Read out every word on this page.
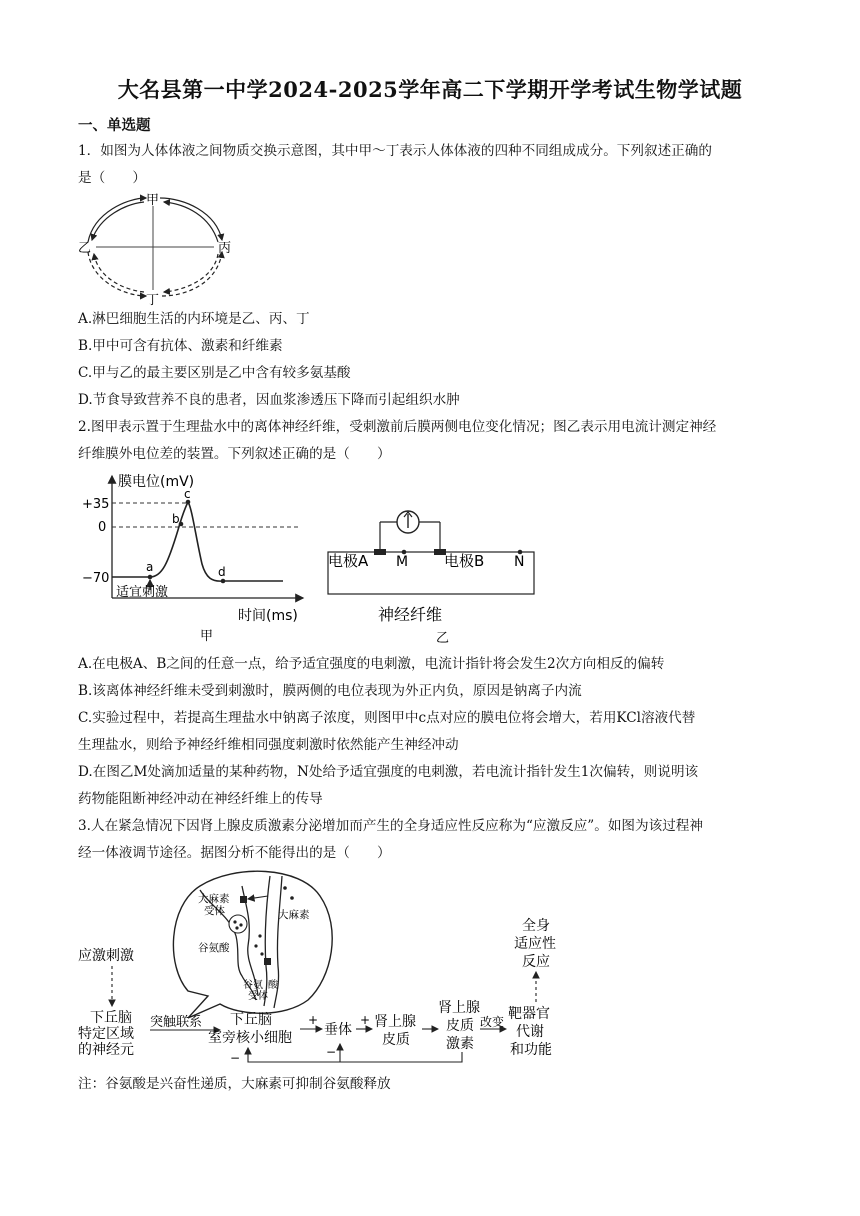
大名县第一中学2024-2025学年高二下学期开学考试生物学试题
一、单选题
1．如图为人体体液之间物质交换示意图，其中甲～丁表示人体体液的四种不同组成成分。下列叙述正确的
是（　　）
甲
乙	丙
丁
A.淋巴细胞生活的内环境是乙、丙、丁
B.甲中可含有抗体、激素和纤维素
C.甲与乙的最主要区别是乙中含有较多氨基酸
D.节食导致营养不良的患者，因血浆渗透压下降而引起组织水肿
2.图甲表示置于生理盐水中的离体神经纤维，受刺激前后膜两侧电位变化情况；图乙表示用电流计测定神经
纤维膜外电位差的装置。下列叙述正确的是（　　）
膜电位(mV)
时间(ms)
+35
0
−70
a
b
c
d
适宜刺激
甲
电极A M 电极B N
神经纤维
乙
A.在电极A、B之间的任意一点，给予适宜强度的电刺激，电流计指针将会发生2次方向相反的偏转
B.该离体神经纤维未受到刺激时，膜两侧的电位表现为外正内负，原因是钠离子内流
C.实验过程中，若提高生理盐水中钠离子浓度，则图甲中c点对应的膜电位将会增大，若用KCl溶液代替
生理盐水，则给予神经纤维相同强度刺激时依然能产生神经冲动
D.在图乙M处滴加适量的某种药物，N处给予适宜强度的电刺激，若电流计指针发生1次偏转，则说明该
药物能阻断神经冲动在神经纤维上的传导
3.人在紧急情况下因肾上腺皮质激素分泌增加而产生的全身适应性反应称为“应激反应”。如图为该过程神
经一体液调节途径。据图分析不能得出的是（　　）
大麻素
受体	大麻素
谷氨酸
谷氨 酸
受体
应激刺激
下丘脑
特定区域
的神经元
突触联系 下丘脑
室旁核小细胞
+
垂体
+ 肾上腺
皮质
肾上腺
皮质
激素
改变 靶器官
代谢
和功能
全身
适应性
反应
−	−
注：谷氨酸是兴奋性递质，大麻素可抑制谷氨酸释放
